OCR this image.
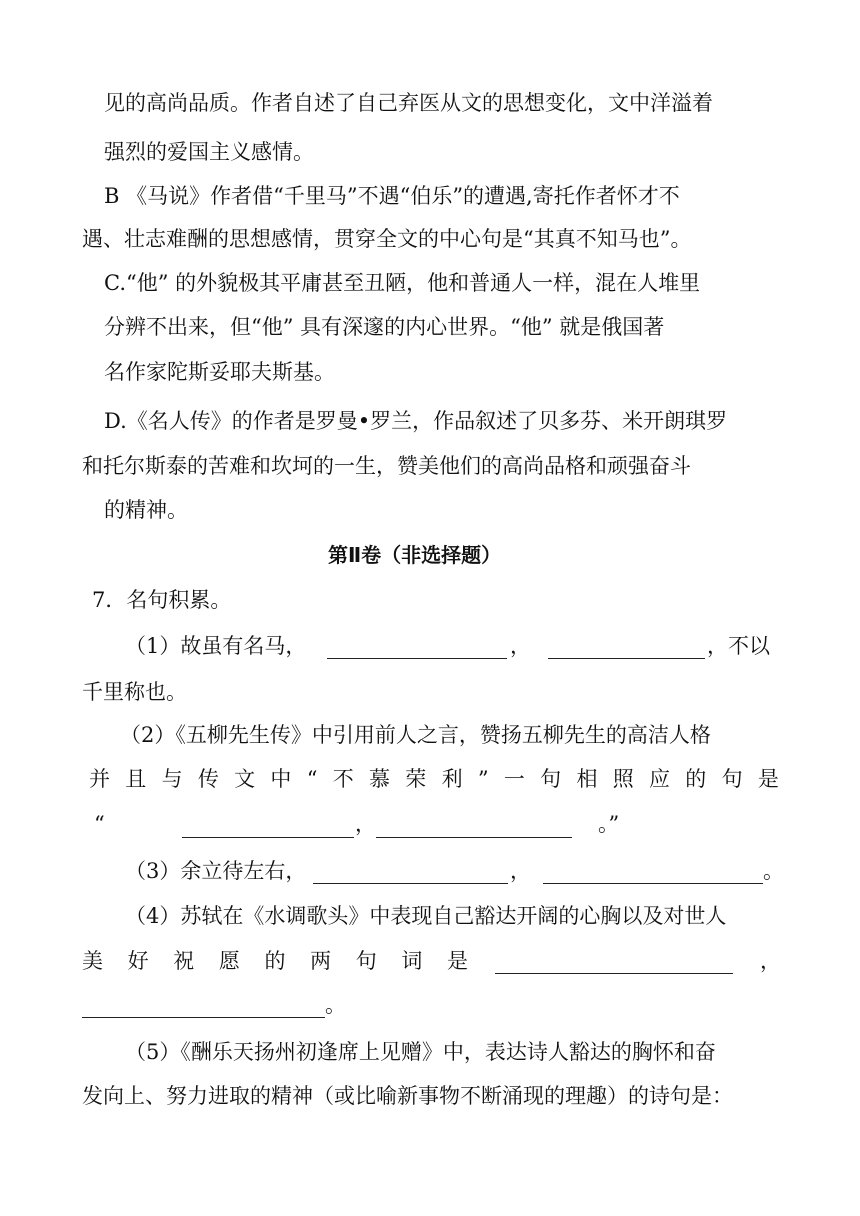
见的高尚品质。作者自述了自己弃医从文的思想变化，文中洋溢着
强烈的爱国主义感情。
B 《马说》作者借“千里马”不遇“伯乐”的遭遇,寄托作者怀才不
遇、壮志难酬的思想感情，贯穿全文的中心句是“其真不知马也”。
C.“他” 的外貌极其平庸甚至丑陋，他和普通人一样，混在人堆里
分辨不出来，但“他” 具有深邃的内心世界。“他” 就是俄国著
名作家陀斯妥耶夫斯基。
D.《名人传》的作者是罗曼•罗兰，作品叙述了贝多芬、米开朗琪罗
和托尔斯泰的苦难和坎坷的一生，赞美他们的高尚品格和顽强奋斗
的精神。
第Ⅱ卷（非选择题）
7．名句积累。
（1）故虽有名马，	，	，不以
千里称也。
（2）《五柳先生传》中引用前人之言，赞扬五柳先生的高洁人格
并 且 与 传 文 中 “ 不 慕 荣 利 ” 一 句 相 照 应 的 句 是
“	，	。”
（3）余立待左右，	，	。
（4）苏轼在《水调歌头》中表现自己豁达开阔的心胸以及对世人
美 好 祝 愿 的 两 句 词 是	，
。
（5）《酬乐天扬州初逢席上见赠》中，表达诗人豁达的胸怀和奋
发向上、努力进取的精神（或比喻新事物不断涌现的理趣）的诗句是：
